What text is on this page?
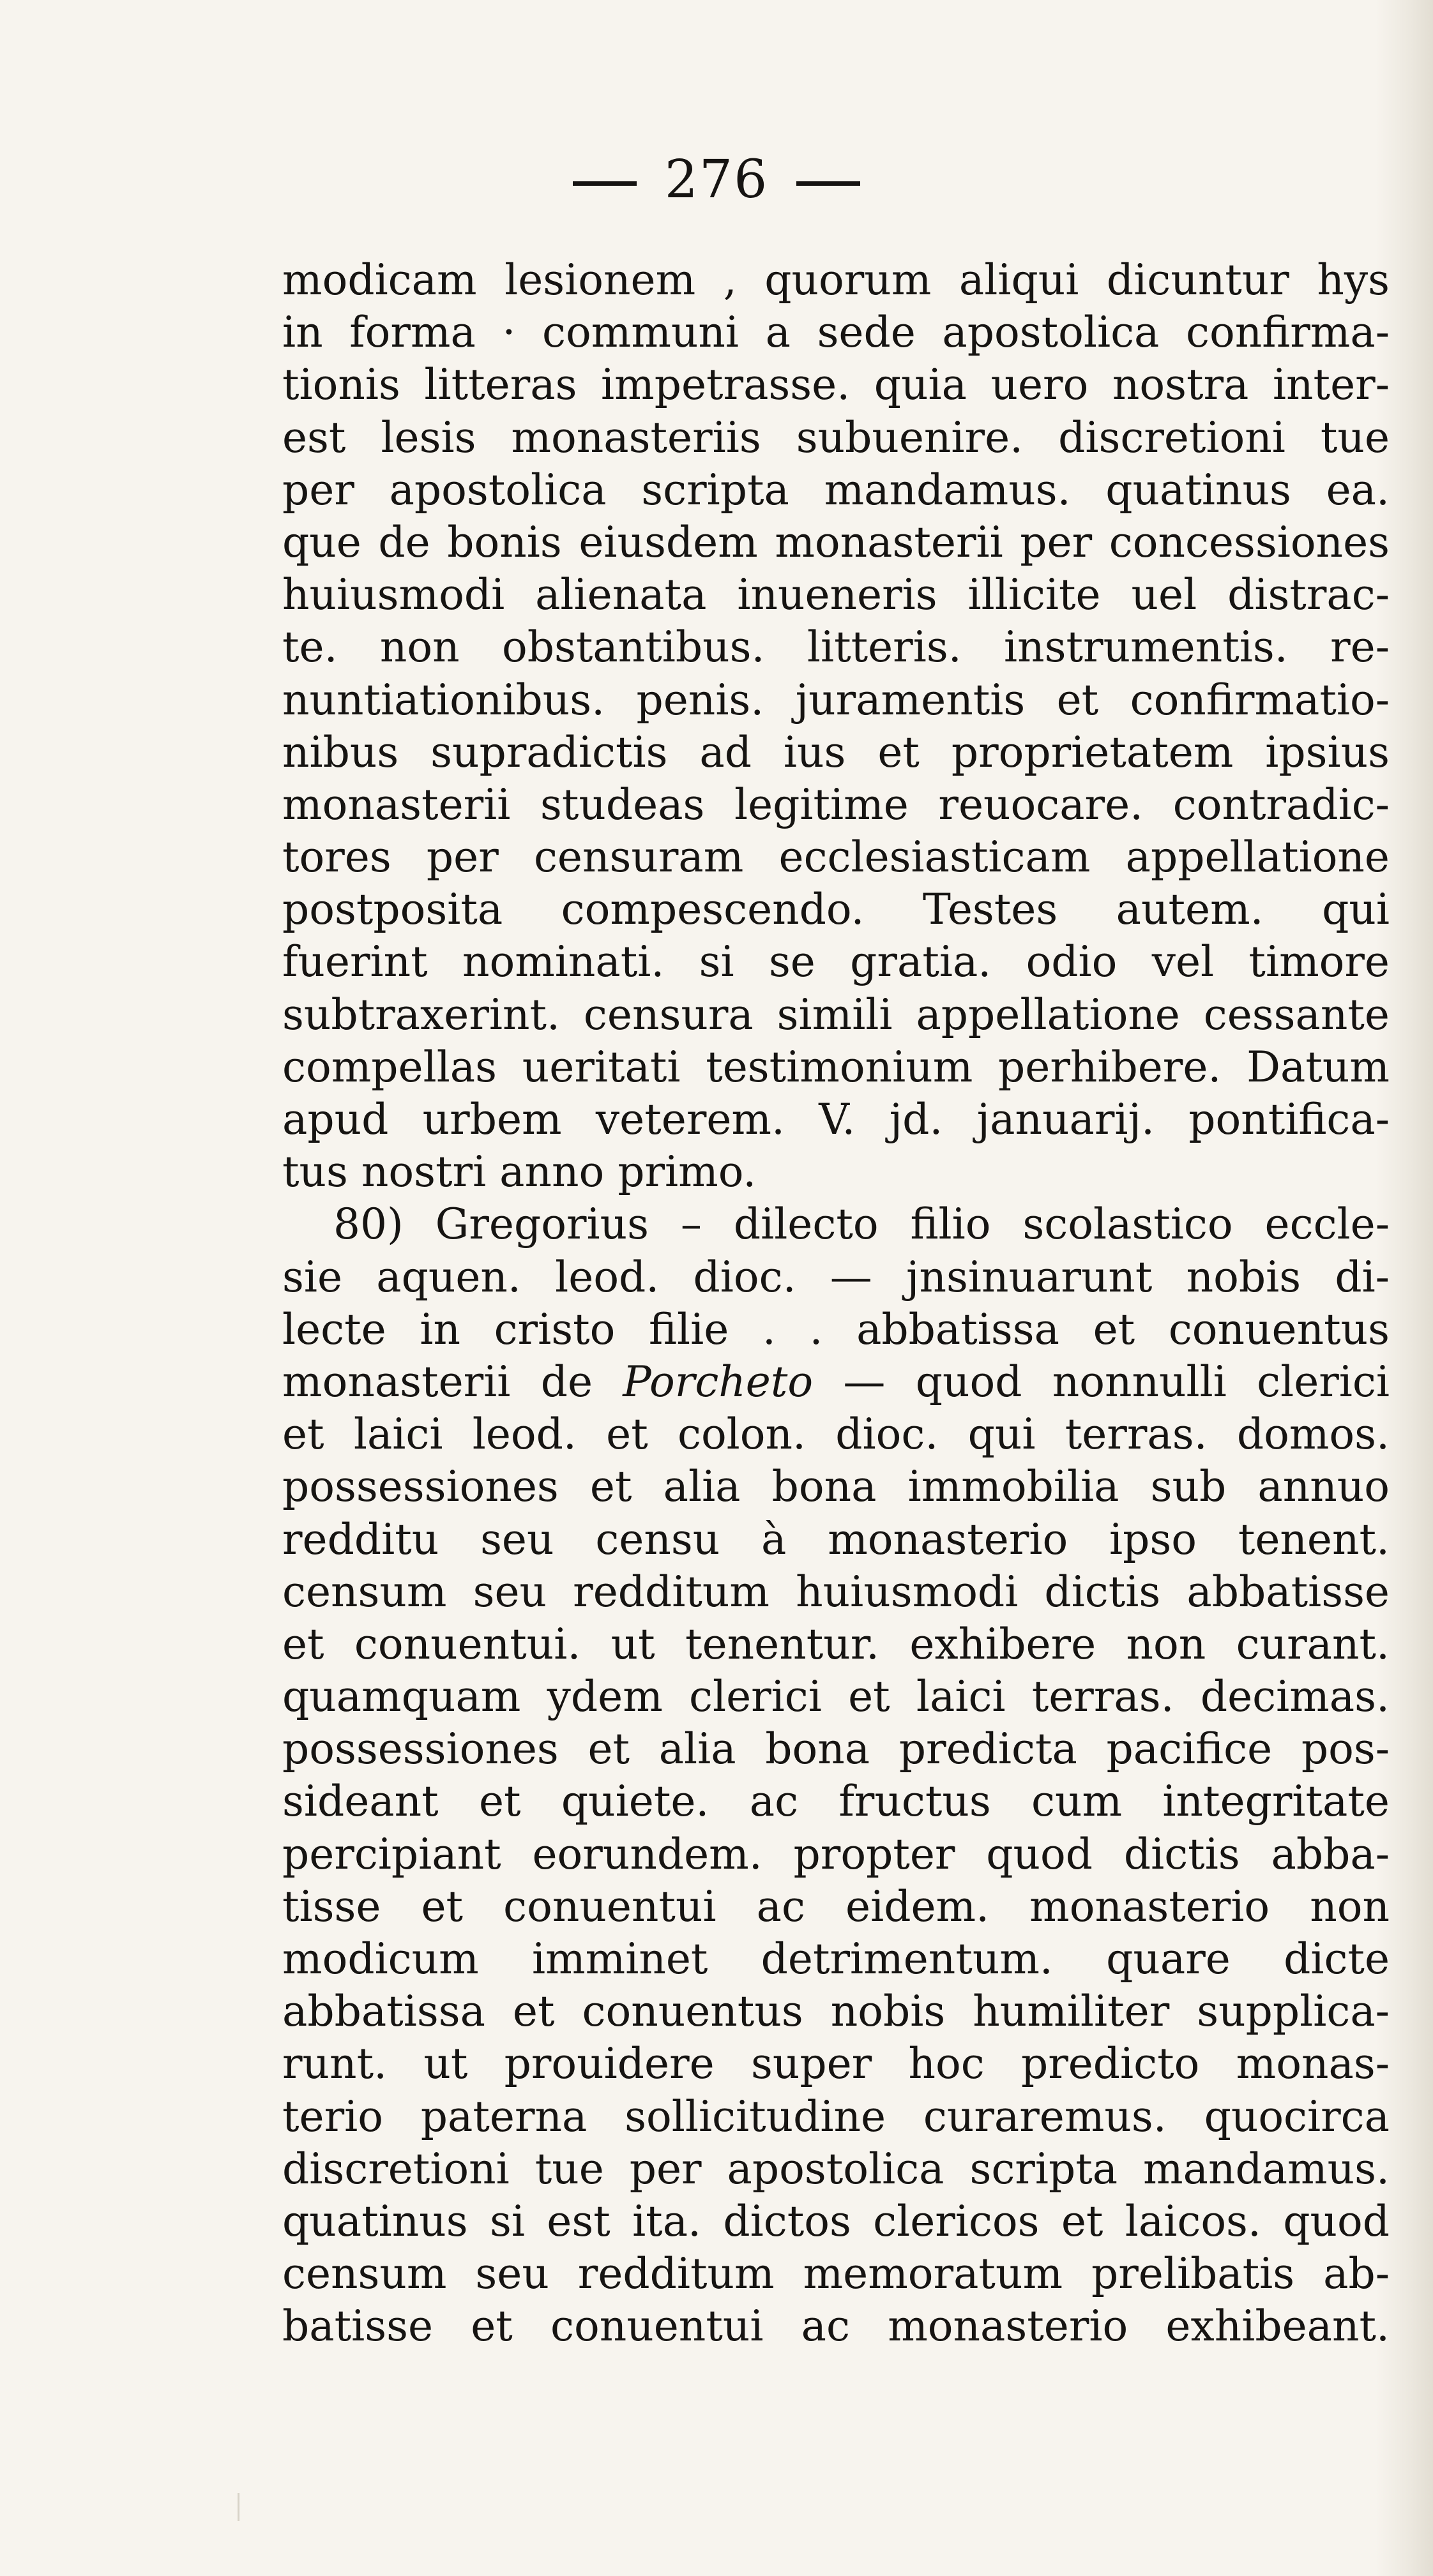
276
modicam lesionem , quorum aliqui dicuntur hys
in forma · communi a sede apostolica confirma-
tionis litteras impetrasse. quia uero nostra inter-
est lesis monasteriis subuenire. discretioni tue
per apostolica scripta mandamus. quatinus ea.
que de bonis eiusdem monasterii per concessiones
huiusmodi alienata inueneris illicite uel distrac-
te. non obstantibus. litteris. instrumentis. re-
nuntiationibus. penis. juramentis et confirmatio-
nibus supradictis ad ius et proprietatem ipsius
monasterii studeas legitime reuocare. contradic-
tores per censuram ecclesiasticam appellatione
postposita compescendo. Testes autem. qui
fuerint nominati. si se gratia. odio vel timore
subtraxerint. censura simili appellatione cessante
compellas ueritati testimonium perhibere. Datum
apud urbem veterem. V. jd. januarij. pontifica-
tus nostri anno primo.
80) Gregorius – dilecto filio scolastico eccle-
sie aquen. leod. dioc. — jnsinuarunt nobis di-
lecte in cristo filie . . abbatissa et conuentus
monasterii de Porcheto — quod nonnulli clerici
et laici leod. et colon. dioc. qui terras. domos.
possessiones et alia bona immobilia sub annuo
redditu seu censu à monasterio ipso tenent.
censum seu redditum huiusmodi dictis abbatisse
et conuentui. ut tenentur. exhibere non curant.
quamquam ydem clerici et laici terras. decimas.
possessiones et alia bona predicta pacifice pos-
sideant et quiete. ac fructus cum integritate
percipiant eorundem. propter quod dictis abba-
tisse et conuentui ac eidem. monasterio non
modicum imminet detrimentum. quare dicte
abbatissa et conuentus nobis humiliter supplica-
runt. ut prouidere super hoc predicto monas-
terio paterna sollicitudine curaremus. quocirca
discretioni tue per apostolica scripta mandamus.
quatinus si est ita. dictos clericos et laicos. quod
censum seu redditum memoratum prelibatis ab-
batisse et conuentui ac monasterio exhibeant.
